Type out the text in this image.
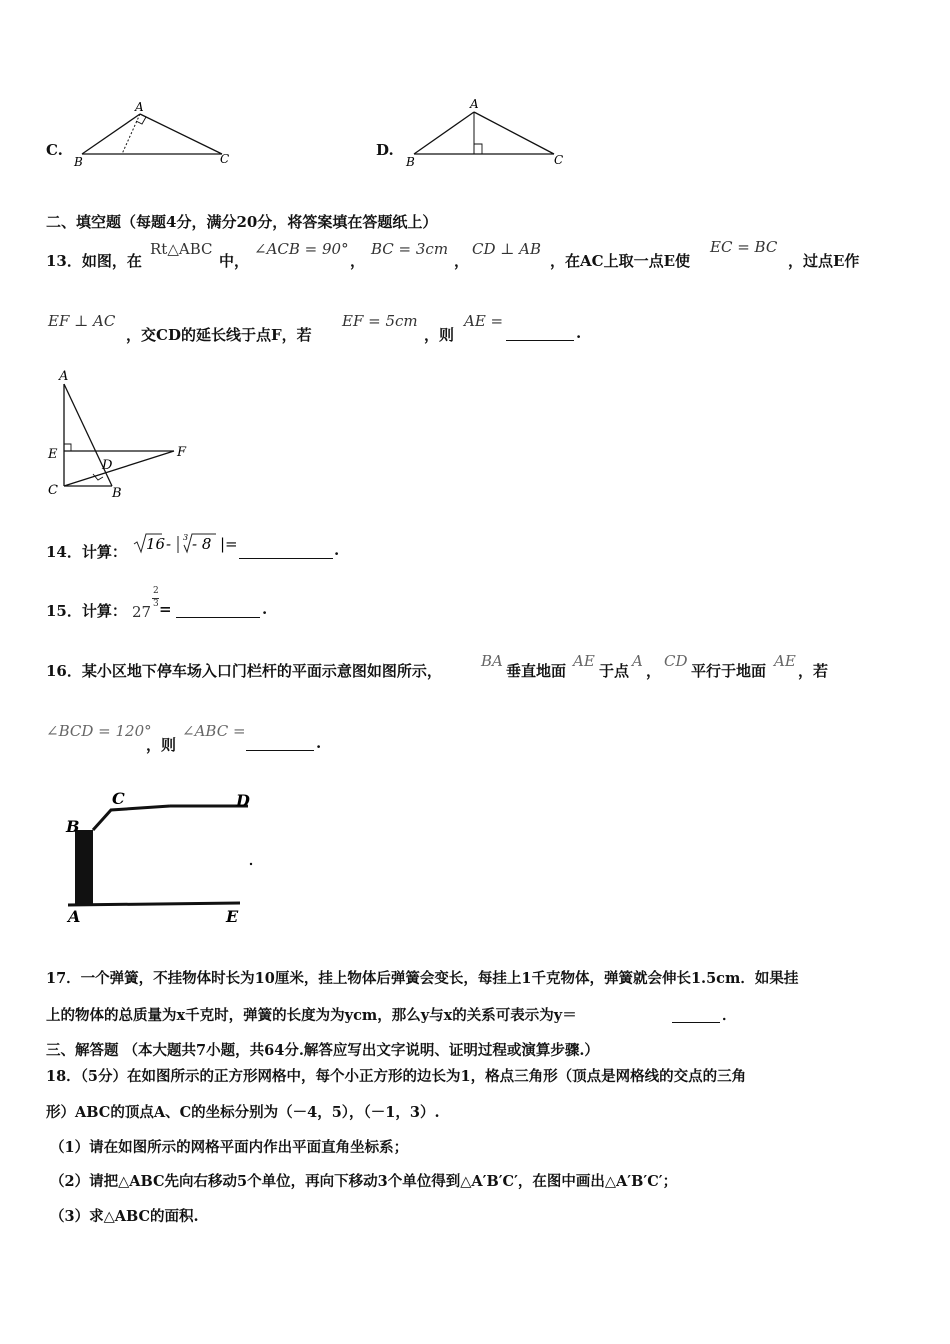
C.
A
B	C	D.
A
B	C
二、填空题（每题4分，满分20分，将答案填在答题纸上）
13．如图，在
Rt△ABC
中，
∠ACB = 90°
，
BC = 3cm
，
CD ⊥ AB
，在AC上取一点E使
EC = BC
，过点E作
EF ⊥ AC
，交CD的延长线于点F，若
EF = 5cm
，则
AE =
.
A
E
C
D
B
F
14．计算： 16 - 3 - 8 |=	.
15．计算： 27
2
3 =	.
16．某小区地下停车场入口门栏杆的平面示意图如图所示，
BA
垂直地面
AE
于点
A
，
CD
平行于地面
AE
，若
∠BCD = 120°
，则
∠ABC =
.
B
C	D
A	E
17．一个弹簧，不挂物体时长为10厘米，挂上物体后弹簧会变长，每挂上1千克物体，弹簧就会伸长1.5cm．如果挂
上的物体的总质量为x千克时，弹簧的长度为为ycm，那么y与x的关系可表示为y＝	．
三、解答题 （本大题共7小题，共64分.解答应写出文字说明、证明过程或演算步骤.）
18．（5分）在如图所示的正方形网格中，每个小正方形的边长为1，格点三角形（顶点是网格线的交点的三角
形）ABC的顶点A、C的坐标分别为（－4，5），（－1，3）.
（1）请在如图所示的网格平面内作出平面直角坐标系；
（2）请把△ABC先向右移动5个单位，再向下移动3个单位得到△A′B′C′，在图中画出△A′B′C′；
（3）求△ABC的面积.
